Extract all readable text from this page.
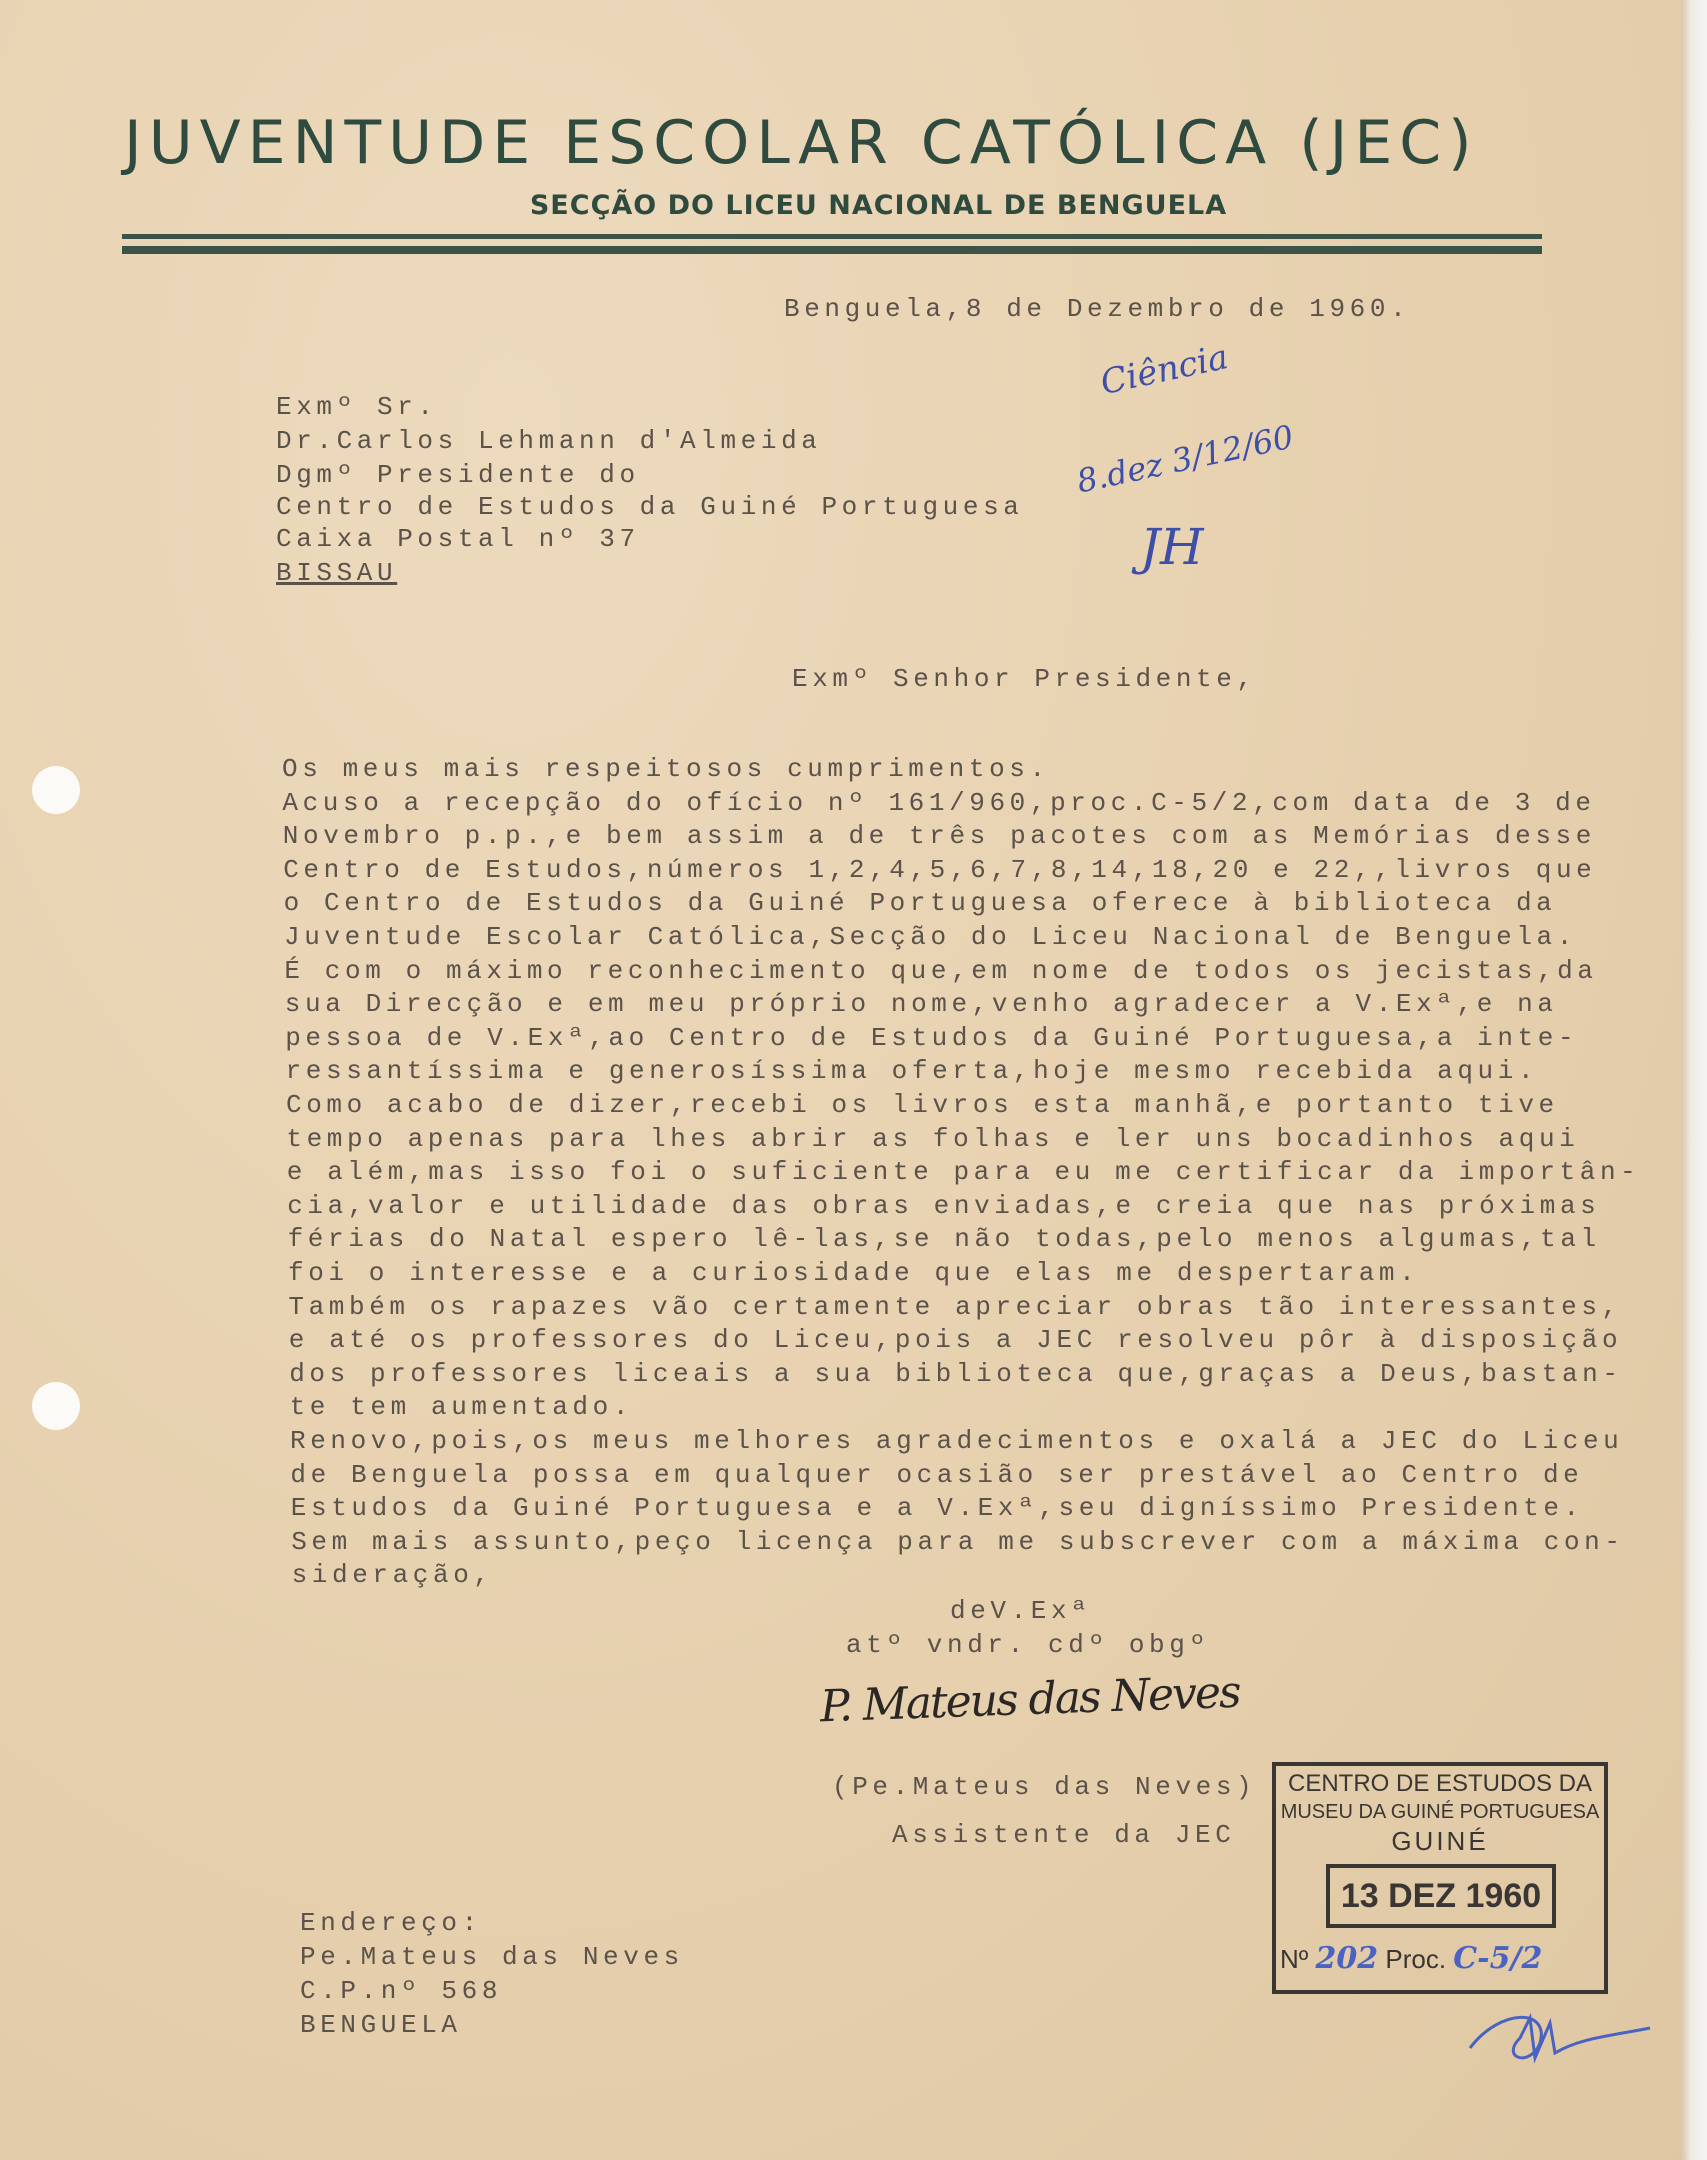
JUVENTUDE ESCOLAR CATÓLICA (JEC)
SECÇÃO DO LICEU NACIONAL DE BENGUELA
Benguela,8 de Dezembro de 1960.
Exmº Sr.
Dr.Carlos Lehmann d'Almeida
Dgmº Presidente do
Centro de Estudos da Guiné Portuguesa
Caixa Postal nº 37
BISSAU
Ciência
8.dez 3/12/60
JH
Exmº Senhor Presidente,
Os meus mais respeitosos cumprimentos.
Acuso a recepção do ofício nº 161/960,proc.C-5/2,com data de 3 de
Novembro p.p.,e bem assim a de três pacotes com as Memórias desse
Centro de Estudos,números 1,2,4,5,6,7,8,14,18,20 e 22,,livros que
o Centro de Estudos da Guiné Portuguesa oferece à biblioteca da
Juventude Escolar Católica,Secção do Liceu Nacional de Benguela.
É com o máximo reconhecimento que,em nome de todos os jecistas,da
sua Direcção e em meu próprio nome,venho agradecer a V.Exª,e na
pessoa de V.Exª,ao Centro de Estudos da Guiné Portuguesa,a inte-
ressantíssima e generosíssima oferta,hoje mesmo recebida aqui.
Como acabo de dizer,recebi os livros esta manhã,e portanto tive
tempo apenas para lhes abrir as folhas e ler uns bocadinhos aqui
e além,mas isso foi o suficiente para eu me certificar da importân-
cia,valor e utilidade das obras enviadas,e creia que nas próximas
férias do Natal espero lê-las,se não todas,pelo menos algumas,tal
foi o interesse e a curiosidade que elas me despertaram.
Também os rapazes vão certamente apreciar obras tão interessantes,
e até os professores do Liceu,pois a JEC resolveu pôr à disposição
dos professores liceais a sua biblioteca que,graças a Deus,bastan-
te tem aumentado.
Renovo,pois,os meus melhores agradecimentos e oxalá a JEC do Liceu
de Benguela possa em qualquer ocasião ser prestável ao Centro de
Estudos da Guiné Portuguesa e a V.Exª,seu digníssimo Presidente.
Sem mais assunto,peço licença para me subscrever com a máxima con-
sideração,
deV.Exª
atº vndr. cdº obgº
P. Mateus das Neves
(Pe.Mateus das Neves)
Assistente da JEC
Endereço:
Pe.Mateus das Neves
C.P.nº 568
BENGUELA
CENTRO DE ESTUDOS DA
MUSEU DA GUINÉ PORTUGUESA
GUINÉ
13 DEZ 1960
Nº 202 Proc. C-5/2
